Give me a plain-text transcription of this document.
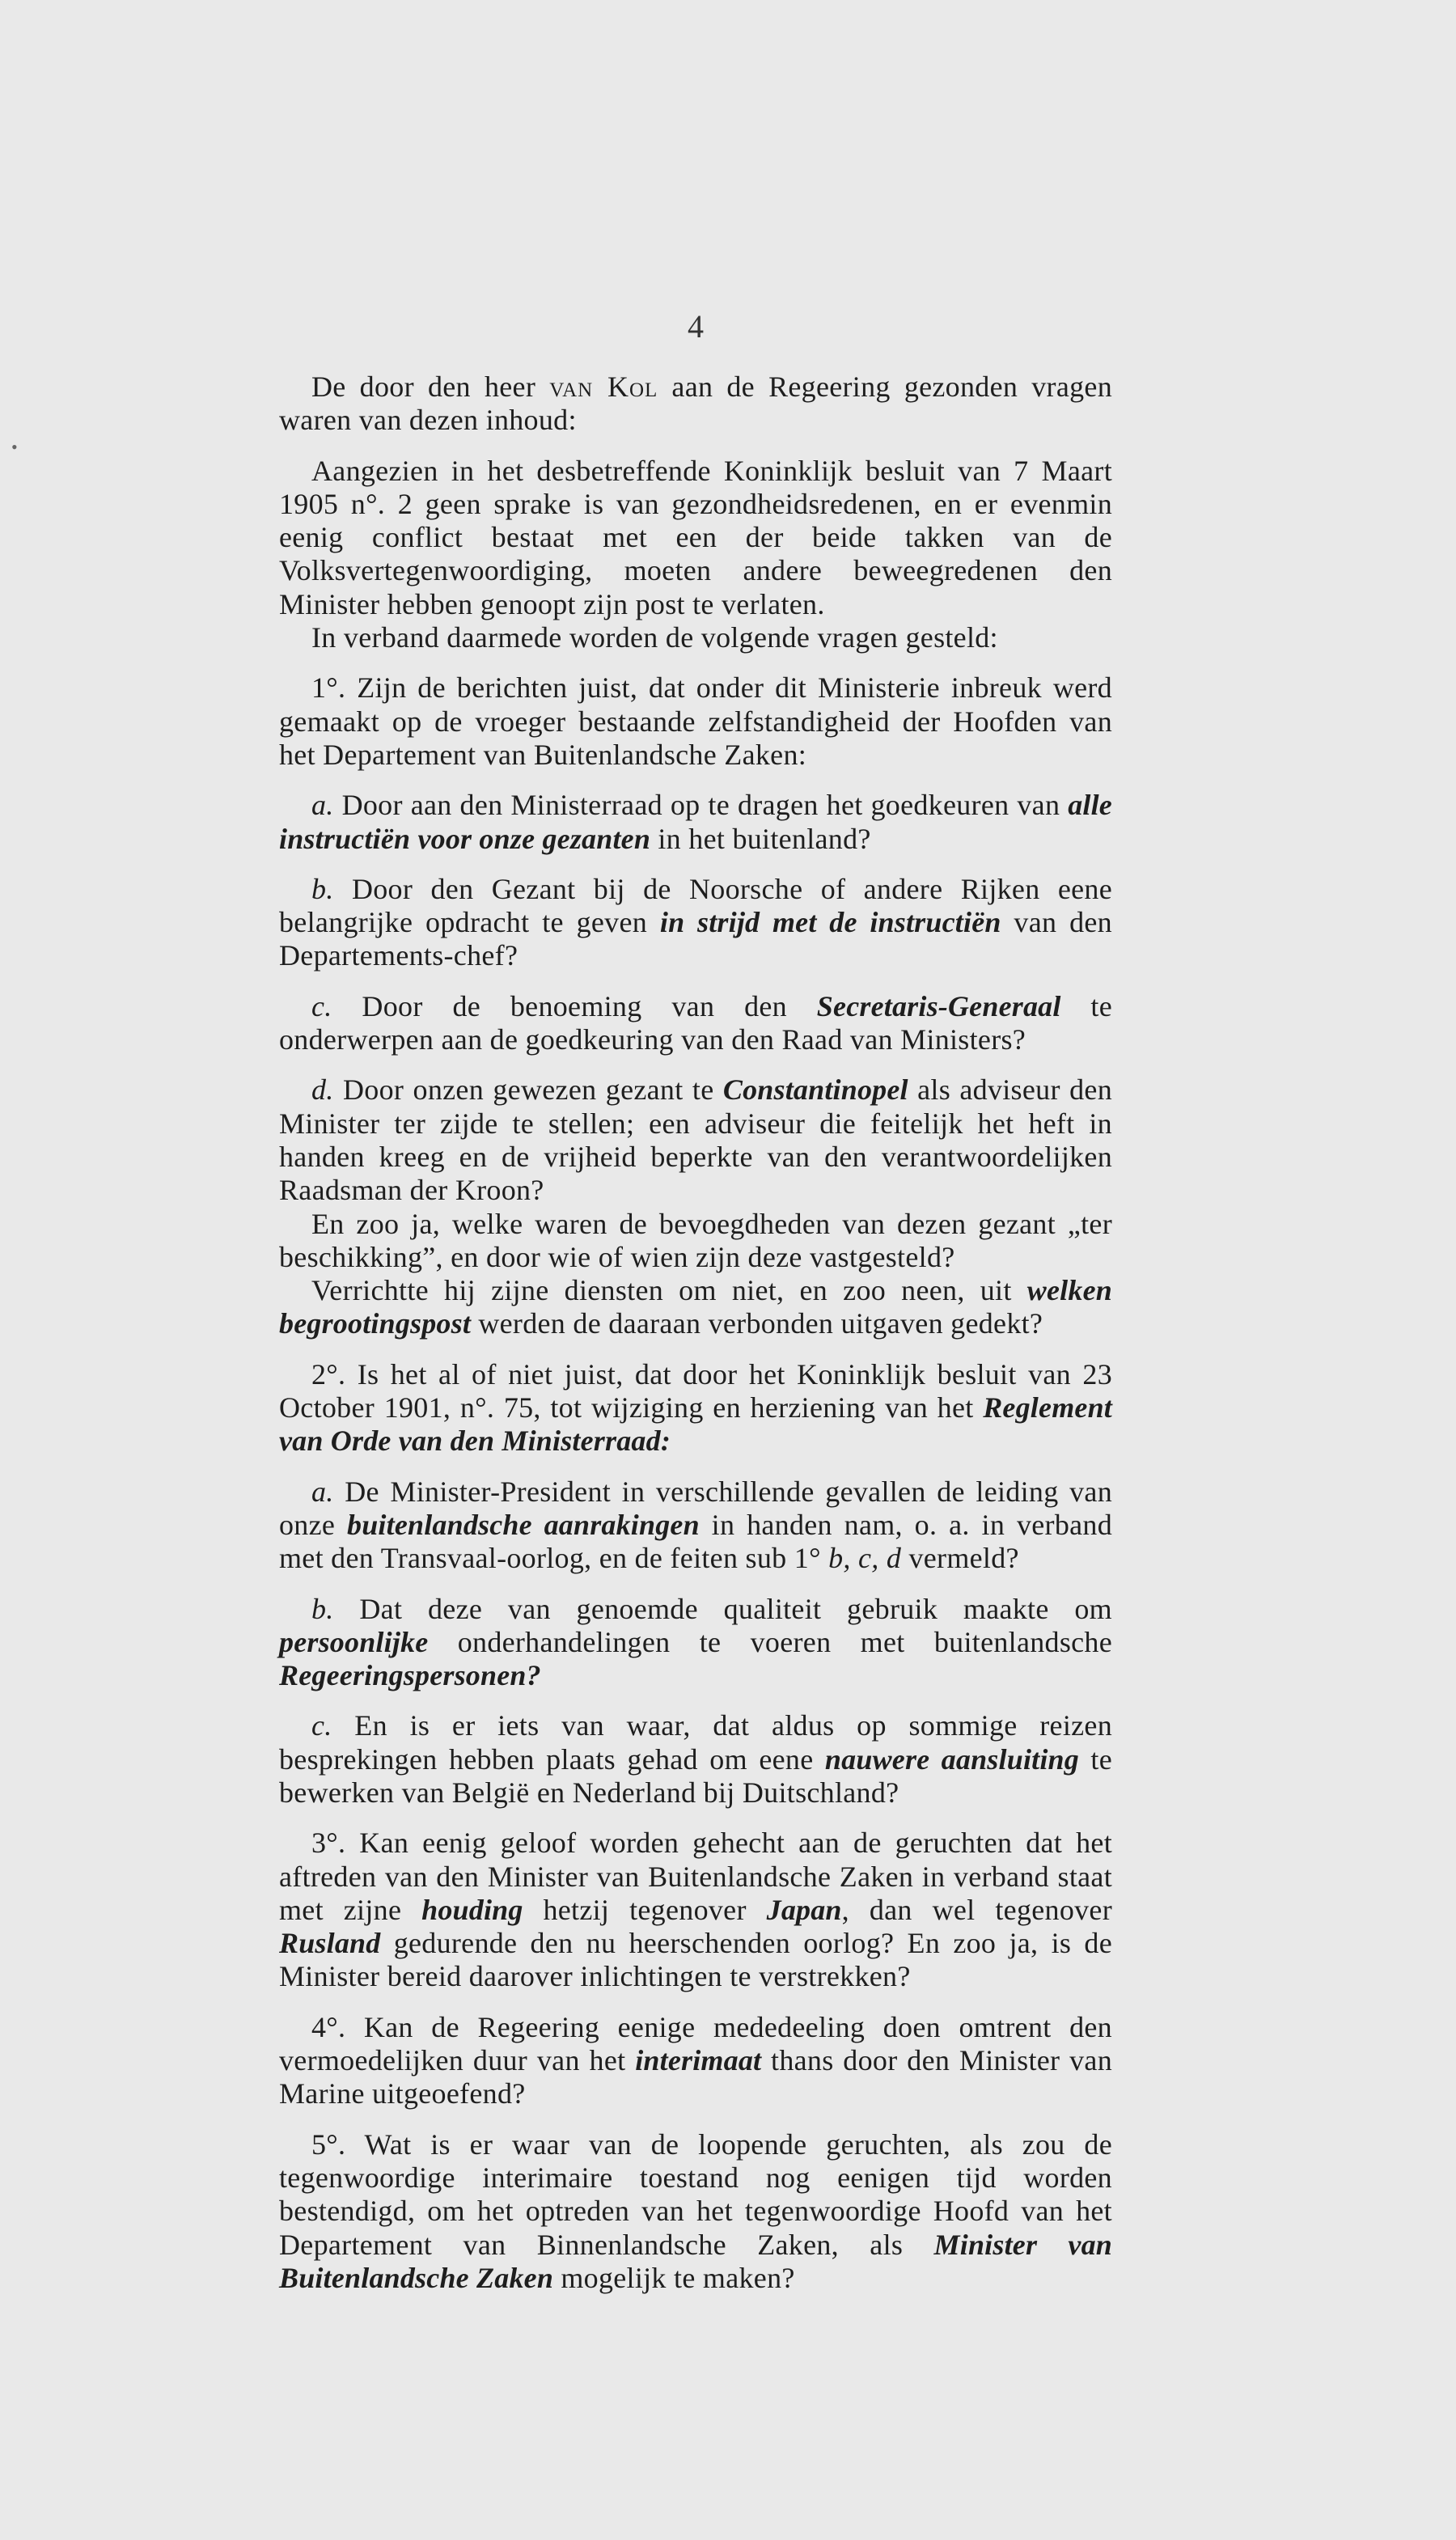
•
4

De door den heer van Kol aan de Regeering gezonden vragen waren van dezen inhoud:

Aangezien in het desbetreffende Koninklijk besluit van 7 Maart 1905 n°. 2 geen sprake is van gezondheidsredenen, en er evenmin eenig conflict bestaat met een der beide takken van de Volksvertegenwoordiging, moeten andere beweegredenen den Minister hebben genoopt zijn post te verlaten.

In verband daarmede worden de volgende vragen gesteld:

1°. Zijn de berichten juist, dat onder dit Ministerie inbreuk werd gemaakt op de vroeger bestaande zelfstandigheid der Hoofden van het Departement van Buitenlandsche Zaken:

a. Door aan den Ministerraad op te dragen het goedkeuren van alle instructiën voor onze gezanten in het buitenland?

b. Door den Gezant bij de Noorsche of andere Rijken eene belangrijke opdracht te geven in strijd met de instructiën van den Departements-chef?

c. Door de benoeming van den Secretaris-Generaal te onderwerpen aan de goedkeuring van den Raad van Ministers?

d. Door onzen gewezen gezant te Constantinopel als adviseur den Minister ter zijde te stellen; een adviseur die feitelijk het heft in handen kreeg en de vrijheid beperkte van den verantwoordelijken Raadsman der Kroon?

En zoo ja, welke waren de bevoegdheden van dezen gezant „ter beschikking”, en door wie of wien zijn deze vastgesteld?

Verrichtte hij zijne diensten om niet, en zoo neen, uit welken begrootingspost werden de daaraan verbonden uitgaven gedekt?

2°. Is het al of niet juist, dat door het Koninklijk besluit van 23 October 1901, n°. 75, tot wijziging en herziening van het Reglement van Orde van den Ministerraad:

a. De Minister-President in verschillende gevallen de leiding van onze buitenlandsche aanrakingen in handen nam, o. a. in verband met den Transvaal-oorlog, en de feiten sub 1° b, c, d vermeld?

b. Dat deze van genoemde qualiteit gebruik maakte om persoonlijke onderhandelingen te voeren met buitenlandsche Regeeringspersonen?

c. En is er iets van waar, dat aldus op sommige reizen besprekingen hebben plaats gehad om eene nauwere aansluiting te bewerken van België en Nederland bij Duitschland?

3°. Kan eenig geloof worden gehecht aan de geruchten dat het aftreden van den Minister van Buitenlandsche Zaken in verband staat met zijne houding hetzij tegenover Japan, dan wel tegenover Rusland gedurende den nu heerschenden oorlog? En zoo ja, is de Minister bereid daarover inlichtingen te verstrekken?

4°. Kan de Regeering eenige mededeeling doen omtrent den vermoedelijken duur van het interimaat thans door den Minister van Marine uitgeoefend?

5°. Wat is er waar van de loopende geruchten, als zou de tegenwoordige interimaire toestand nog eenigen tijd worden bestendigd, om het optreden van het tegenwoordige Hoofd van het Departement van Binnenlandsche Zaken, als Minister van Buitenlandsche Zaken mogelijk te maken?
